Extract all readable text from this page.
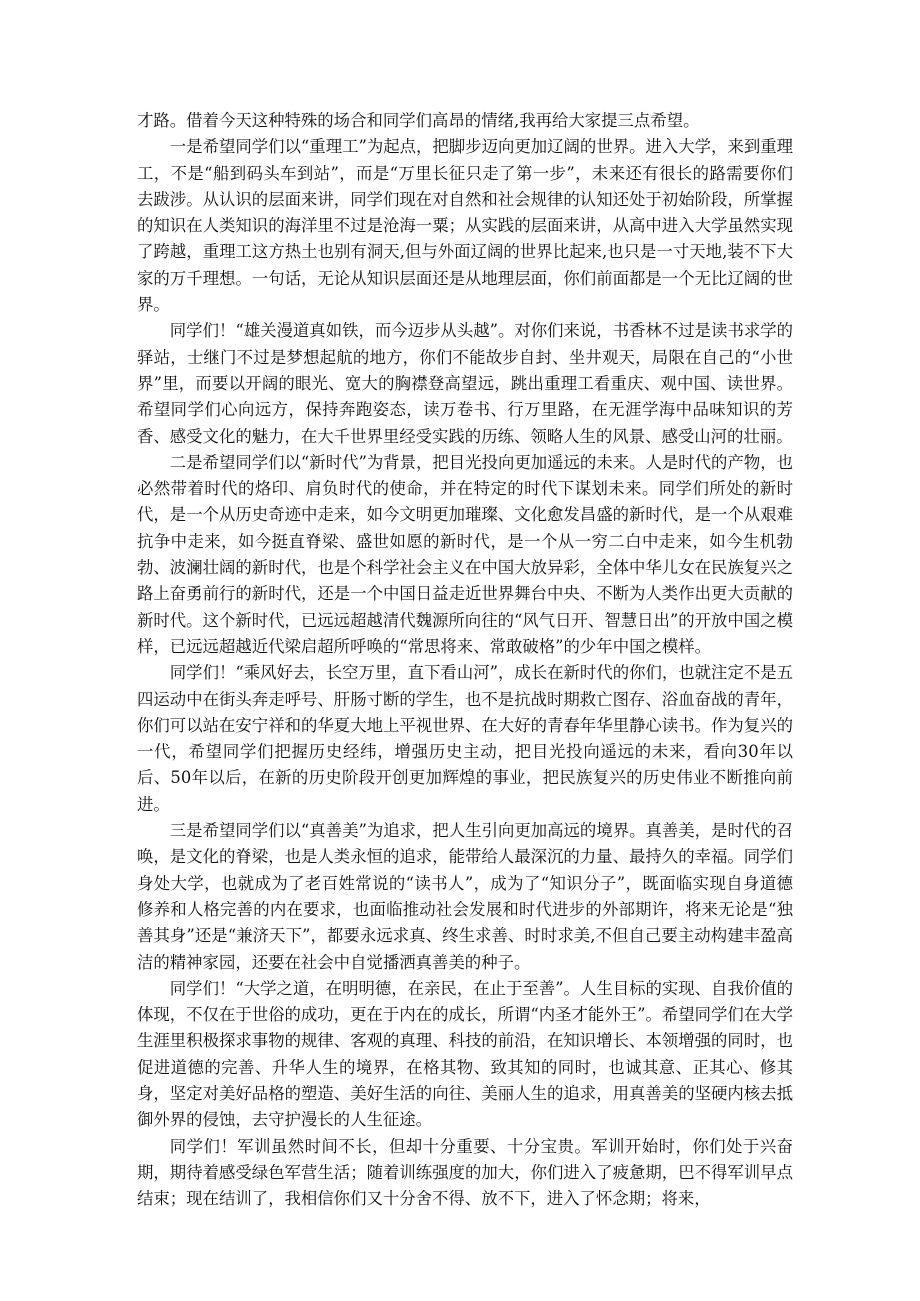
才路。借着今天这种特殊的场合和同学们高昂的情绪,我再给大家提三点希望。

一是希望同学们以“重理工”为起点，把脚步迈向更加辽阔的世界。进入大学，来到重理工，不是“船到码头车到站”，而是“万里长征只走了第一步”，未来还有很长的路需要你们去跋涉。从认识的层面来讲，同学们现在对自然和社会规律的认知还处于初始阶段，所掌握的知识在人类知识的海洋里不过是沧海一粟；从实践的层面来讲，从高中进入大学虽然实现了跨越，重理工这方热土也别有洞天,但与外面辽阔的世界比起来,也只是一寸天地,装不下大家的万千理想。一句话，无论从知识层面还是从地理层面，你们前面都是一个无比辽阔的世界。

同学们！“雄关漫道真如铁，而今迈步从头越”。对你们来说，书香林不过是读书求学的驿站，士继门不过是梦想起航的地方，你们不能故步自封、坐井观天，局限在自己的“小世界”里，而要以开阔的眼光、宽大的胸襟登高望远，跳出重理工看重庆、观中国、读世界。希望同学们心向远方，保持奔跑姿态，读万卷书、行万里路，在无涯学海中品味知识的芳香、感受文化的魅力，在大千世界里经受实践的历练、领略人生的风景、感受山河的壮丽。

二是希望同学们以“新时代”为背景，把目光投向更加遥远的未来。人是时代的产物，也必然带着时代的烙印、肩负时代的使命，并在特定的时代下谋划未来。同学们所处的新时代，是一个从历史奇迹中走来，如今文明更加璀璨、文化愈发昌盛的新时代，是一个从艰难抗争中走来，如今挺直脊梁、盛世如愿的新时代，是一个从一穷二白中走来，如今生机勃勃、波澜壮阔的新时代，也是个科学社会主义在中国大放异彩，全体中华儿女在民族复兴之路上奋勇前行的新时代，还是一个中国日益走近世界舞台中央、不断为人类作出更大贡献的新时代。这个新时代，已远远超越清代魏源所向往的“风气日开、智慧日出”的开放中国之模样，已远远超越近代梁启超所呼唤的“常思将来、常敢破格”的少年中国之模样。

同学们！“乘风好去，长空万里，直下看山河”，成长在新时代的你们，也就注定不是五四运动中在街头奔走呼号、肝肠寸断的学生，也不是抗战时期救亡图存、浴血奋战的青年，你们可以站在安宁祥和的华夏大地上平视世界、在大好的青春年华里静心读书。作为复兴的一代，希望同学们把握历史经纬，增强历史主动，把目光投向遥远的未来，看向30年以后、50年以后，在新的历史阶段开创更加辉煌的事业，把民族复兴的历史伟业不断推向前进。

三是希望同学们以“真善美”为追求，把人生引向更加高远的境界。真善美，是时代的召唤，是文化的脊梁，也是人类永恒的追求，能带给人最深沉的力量、最持久的幸福。同学们身处大学，也就成为了老百姓常说的“读书人”，成为了“知识分子”，既面临实现自身道德修养和人格完善的内在要求，也面临推动社会发展和时代进步的外部期许，将来无论是“独善其身”还是“兼济天下”，都要永远求真、终生求善、时时求美,不但自己要主动构建丰盈高洁的精神家园，还要在社会中自觉播洒真善美的种子。

同学们！“大学之道，在明明德，在亲民，在止于至善”。人生目标的实现、自我价值的体现，不仅在于世俗的成功，更在于内在的成长，所谓“内圣才能外王”。希望同学们在大学生涯里积极探求事物的规律、客观的真理、科技的前沿，在知识增长、本领增强的同时，也促进道德的完善、升华人生的境界，在格其物、致其知的同时，也诚其意、正其心、修其身，坚定对美好品格的塑造、美好生活的向往、美丽人生的追求，用真善美的坚硬内核去抵御外界的侵蚀，去守护漫长的人生征途。

同学们！军训虽然时间不长，但却十分重要、十分宝贵。军训开始时，你们处于兴奋期，期待着感受绿色军营生活；随着训练强度的加大，你们进入了疲惫期，巴不得军训早点结束；现在结训了，我相信你们又十分舍不得、放不下，进入了怀念期；将来，
